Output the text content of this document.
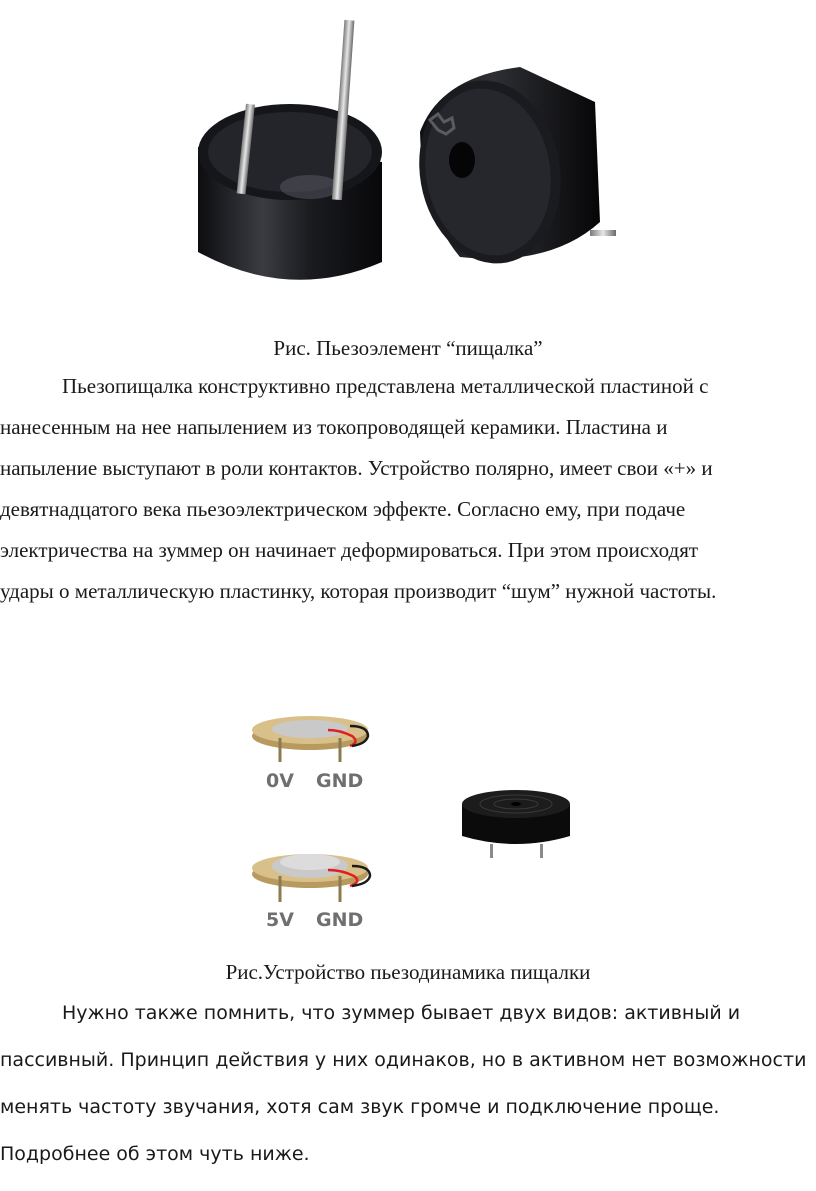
Рис. Пьезоэлемент “пищалка”
Пьезопищалка конструктивно представлена металлической пластиной с
нанесенным на нее напылением из токопроводящей керамики. Пластина и
напыление выступают в роли контактов. Устройство полярно, имеет свои «+» и
девятнадцатого века пьезоэлектрическом эффекте. Согласно ему, при подаче
электричества на зуммер он начинает деформироваться. При этом происходят
удары о металлическую пластинку, которая производит “шум” нужной частоты.
0V GND
5V GND
Рис.Устройство пьезодинамика пищалки
Нужно также помнить, что зуммер бывает двух видов: активный и
пассивный. Принцип действия у них одинаков, но в активном нет возможности
менять частоту звучания, хотя сам звук громче и подключение проще.
Подробнее об этом чуть ниже.
